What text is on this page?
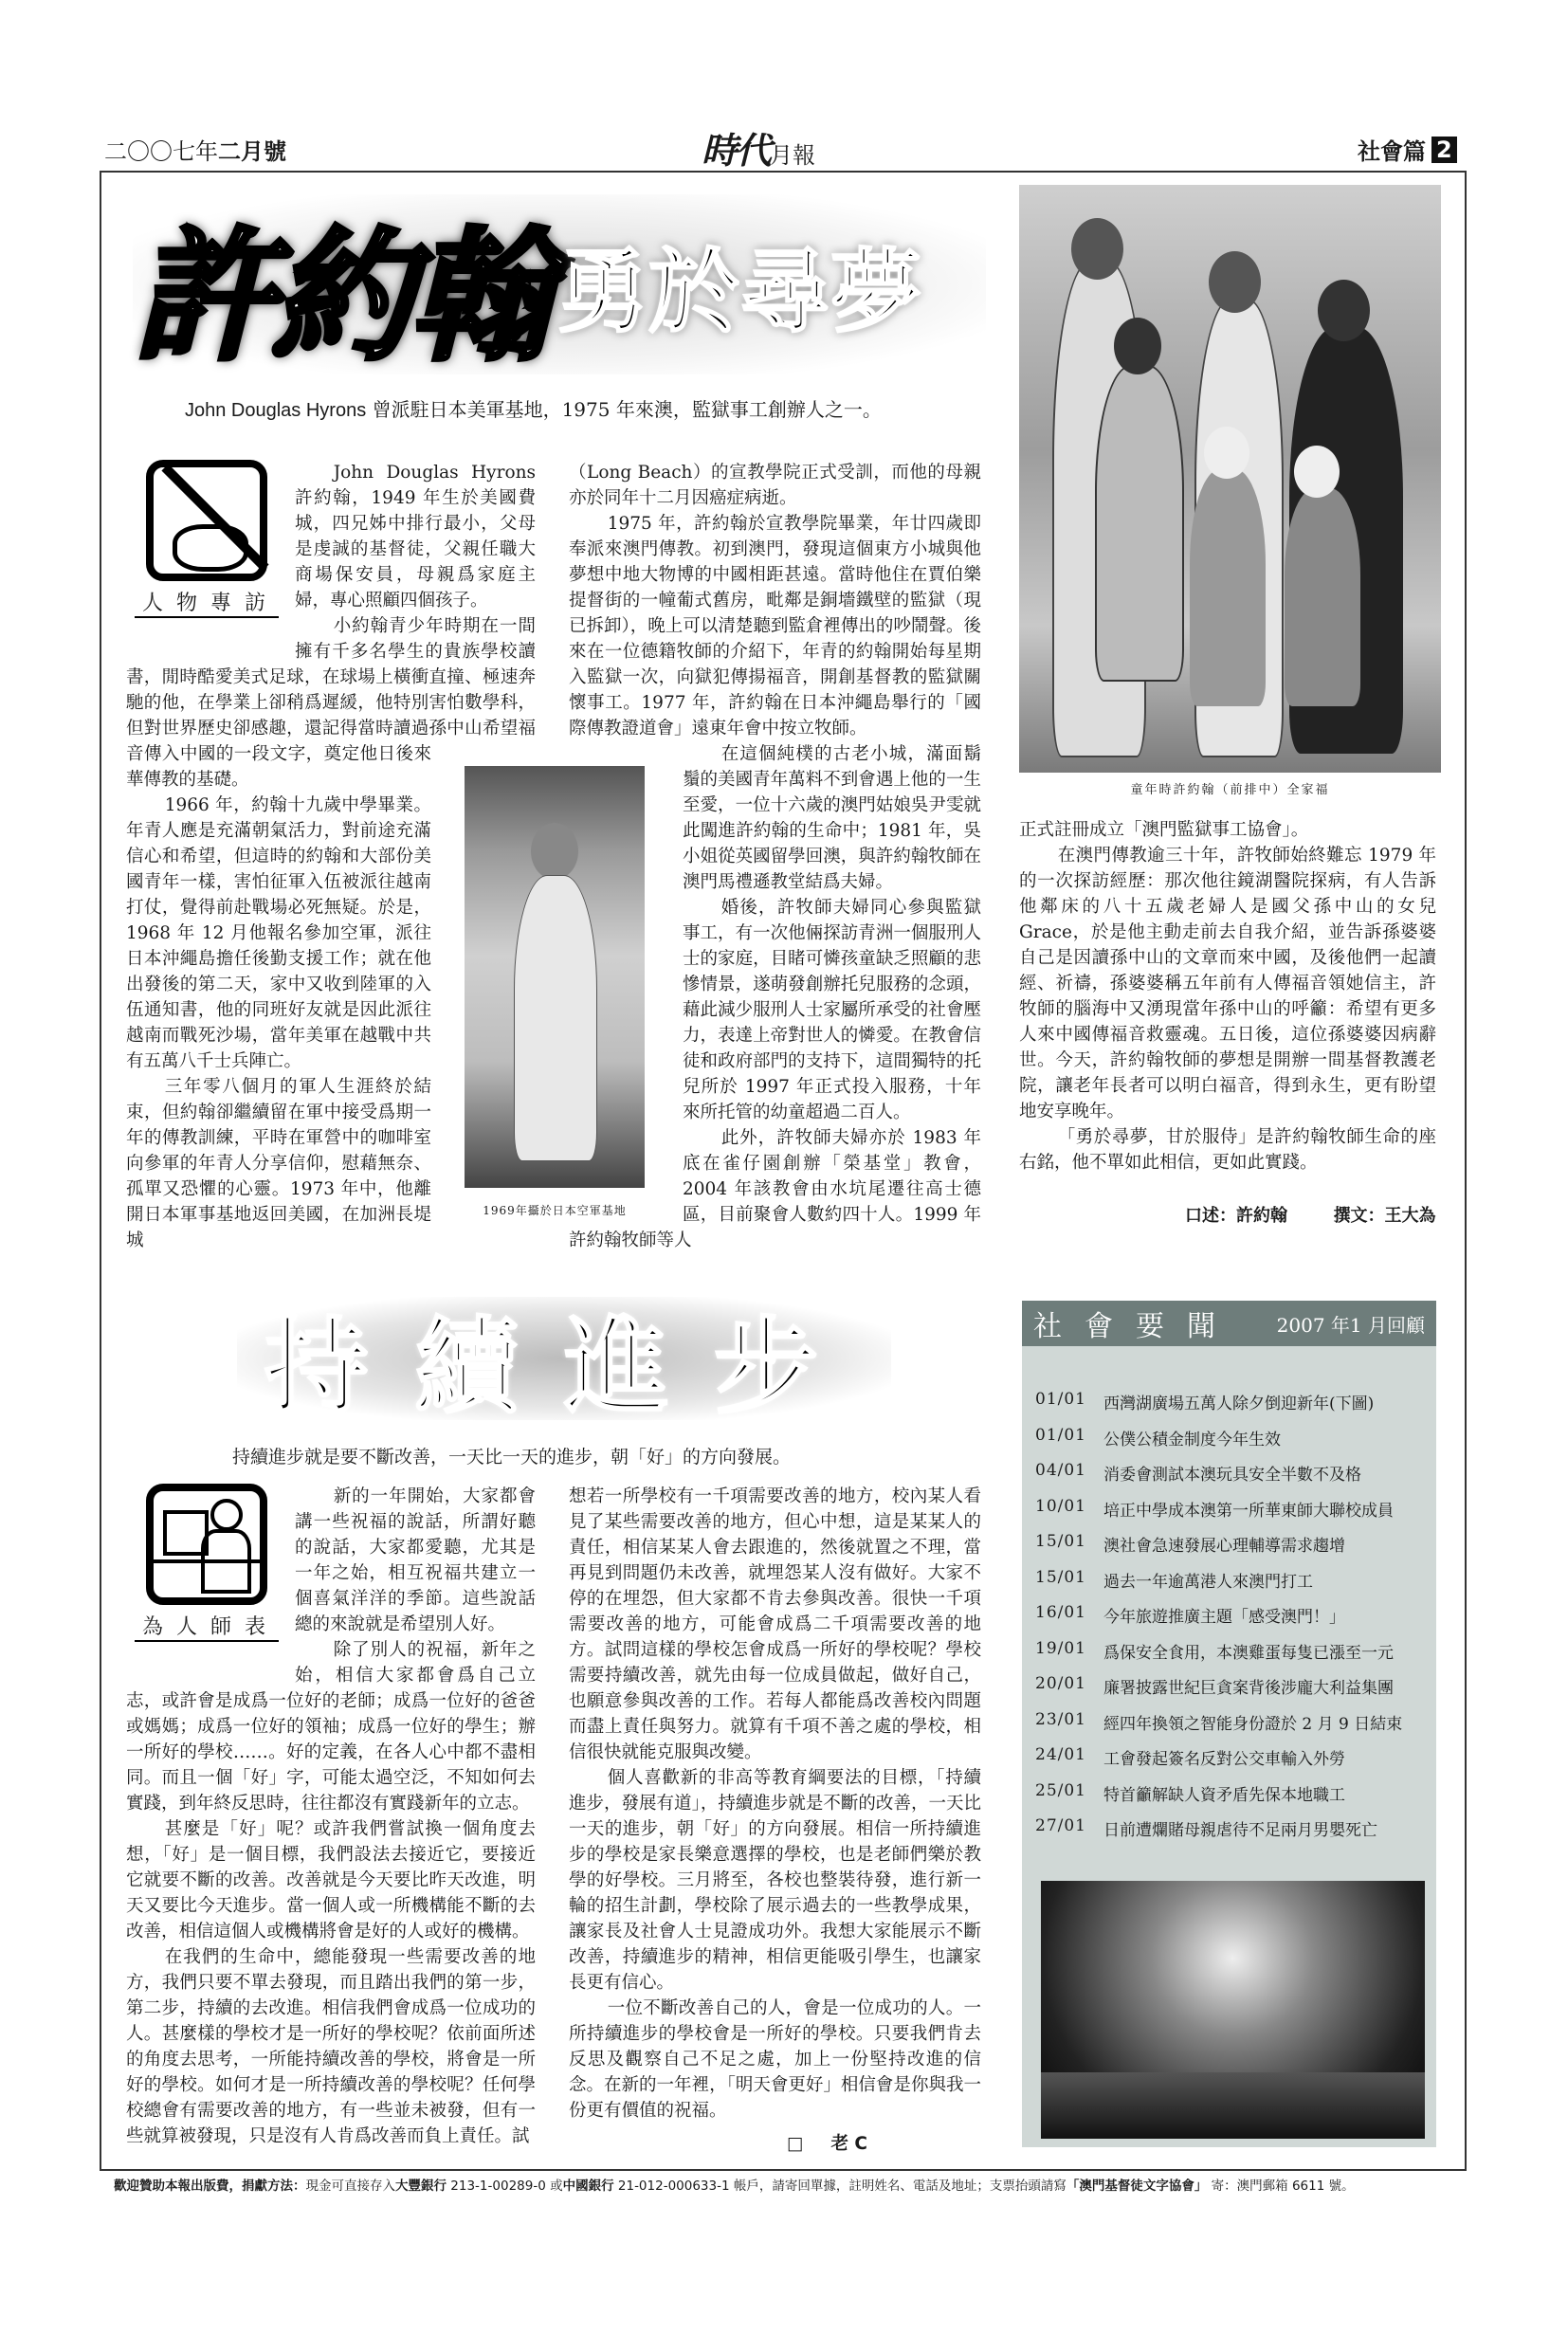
二〇〇七年二月號	時代月報	社會篇 2
許約翰 勇於尋夢
John Douglas Hyrons 曾派駐日本美軍基地，1975 年來澳，監獄事工創辦人之一。
童年時許約翰（前排中）全家福
1969年攝於日本空軍基地
人物專訪

John Douglas Hyrons 許約翰，1949 年生於美國費城，四兄姊中排行最小，父母是虔誠的基督徒，父親任職大商場保安員，母親爲家庭主婦，專心照顧四個孩子。

小約翰青少年時期在一間擁有千多名學生的貴族學校讀書，閒時酷愛美式足球，在球場上橫衝直撞、極速奔馳的他，在學業上卻稍爲遲緩，他特別害怕數學科，但對世界歷史卻感趣，還記得當時讀過孫中山希望福音傳入中國的一段文字，奠定他日後來華傳教的基礎。

1966 年，約翰十九歲中學畢業。年青人應是充滿朝氣活力，對前途充滿信心和希望，但這時的約翰和大部份美國青年一樣，害怕征軍入伍被派往越南打仗，覺得前赴戰場必死無疑。於是，1968 年 12 月他報名參加空軍，派往日本沖繩島擔任後勤支援工作；就在他出發後的第二天，家中又收到陸軍的入伍通知書，他的同班好友就是因此派往越南而戰死沙場，當年美軍在越戰中共有五萬八千士兵陣亡。

三年零八個月的軍人生涯終於結束，但約翰卻繼續留在軍中接受爲期一年的傳教訓練，平時在軍營中的咖啡室向參軍的年青人分享信仰，慰藉無奈、孤單又恐懼的心靈。1973 年中，他離開日本軍事基地返回美國，在加洲長堤城

（Long Beach）的宣教學院正式受訓，而他的母親亦於同年十二月因癌症病逝。

1975 年，許約翰於宣教學院畢業，年廿四歲即奉派來澳門傳教。初到澳門，發現這個東方小城與他夢想中地大物博的中國相距甚遠。當時他住在賈伯樂提督街的一幢葡式舊房，毗鄰是銅墻鐵壁的監獄（現已拆卸），晚上可以清楚聽到監倉裡傳出的吵鬧聲。後來在一位德籍牧師的介紹下，年青的約翰開始每星期入監獄一次，向獄犯傳揚福音，開創基督教的監獄關懷事工。1977 年，許約翰在日本沖繩島舉行的「國際傳教證道會」遠東年會中按立牧師。

在這個純樸的古老小城，滿面鬍鬚的美國青年萬料不到會遇上他的一生至愛，一位十六歲的澳門姑娘吳尹雯就此闖進許約翰的生命中；1981 年，吳小姐從英國留學回澳，與許約翰牧師在澳門馬禮遜教堂結爲夫婦。

婚後，許牧師夫婦同心參與監獄事工，有一次他倆探訪青洲一個服刑人士的家庭，目睹可憐孩童缺乏照顧的悲慘情景，遂萌發創辦托兒服務的念頭，藉此減少服刑人士家屬所承受的社會壓力，表達上帝對世人的憐愛。在教會信徒和政府部門的支持下，這間獨特的托兒所於 1997 年正式投入服務，十年來所托管的幼童超過二百人。

此外，許牧師夫婦亦於 1983 年底在雀仔園創辦「榮基堂」教會，2004 年該教會由水坑尾遷往高士德區，目前聚會人數約四十人。1999 年許約翰牧師等人

正式註冊成立「澳門監獄事工協會」。

在澳門傳教逾三十年，許牧師始終難忘 1979 年的一次探訪經歷：那次他往鏡湖醫院探病，有人告訴他鄰床的八十五歲老婦人是國父孫中山的女兒 Grace，於是他主動走前去自我介紹，並告訴孫婆婆自己是因讀孫中山的文章而來中國，及後他們一起讀經、祈禱，孫婆婆稱五年前有人傳福音領她信主，許牧師的腦海中又湧現當年孫中山的呼籲：希望有更多人來中國傳福音救靈魂。五日後，這位孫婆婆因病辭世。今天，許約翰牧師的夢想是開辦一間基督教護老院，讓老年長者可以明白福音，得到永生，更有盼望地安享晚年。

「勇於尋夢，甘於服侍」是許約翰牧師生命的座右銘，他不單如此相信，更如此實踐。

口述：許約翰	撰文：王大為
持續進步
持續進步就是要不斷改善，一天比一天的進步，朝「好」的方向發展。
為人師表

新的一年開始，大家都會講一些祝福的說話，所謂好聽的說話，大家都愛聽，尤其是一年之始，相互祝福共建立一個喜氣洋洋的季節。這些說話總的來說就是希望別人好。

除了別人的祝福，新年之始，相信大家都會爲自己立志，或許會是成爲一位好的老師；成爲一位好的爸爸或媽媽；成爲一位好的領袖；成爲一位好的學生；辦一所好的學校……。好的定義，在各人心中都不盡相同。而且一個「好」字，可能太過空泛，不知如何去實踐，到年終反思時，往往都沒有實踐新年的立志。

甚麼是「好」呢？或許我們嘗試換一個角度去想，「好」是一個目標，我們設法去接近它，要接近它就要不斷的改善。改善就是今天要比昨天改進，明天又要比今天進步。當一個人或一所機構能不斷的去改善，相信這個人或機構將會是好的人或好的機構。

在我們的生命中，總能發現一些需要改善的地方，我們只要不單去發現，而且踏出我們的第一步，第二步，持續的去改進。相信我們會成爲一位成功的人。甚麼樣的學校才是一所好的學校呢？依前面所述的角度去思考，一所能持續改善的學校，將會是一所好的學校。如何才是一所持續改善的學校呢？任何學校總會有需要改善的地方，有一些並未被發，但有一些就算被發現，只是沒有人肯爲改善而負上責任。試

想若一所學校有一千項需要改善的地方，校內某人看見了某些需要改善的地方，但心中想，這是某某人的責任，相信某某人會去跟進的，然後就置之不理，當再見到問題仍未改善，就埋怨某人沒有做好。大家不停的在埋怨，但大家都不肯去參與改善。很快一千項需要改善的地方，可能會成爲二千項需要改善的地方。試問這樣的學校怎會成爲一所好的學校呢？學校需要持續改善，就先由每一位成員做起，做好自己，也願意參與改善的工作。若每人都能爲改善校內問題而盡上責任與努力。就算有千項不善之處的學校，相信很快就能克服與改變。

個人喜歡新的非高等教育綱要法的目標，「持續進步，發展有道」，持續進步就是不斷的改善，一天比一天的進步，朝「好」的方向發展。相信一所持續進步的學校是家長樂意選擇的學校，也是老師們樂於教學的好學校。三月將至，各校也整裝待發，進行新一輪的招生計劃，學校除了展示過去的一些教學成果，讓家長及社會人士見證成功外。我想大家能展示不斷改善，持續進步的精神，相信更能吸引學生，也讓家長更有信心。

一位不斷改善自己的人，會是一位成功的人。一所持續進步的學校會是一所好的學校。只要我們肯去反思及觀察自己不足之處，加上一份堅持改進的信念。在新的一年裡，「明天會更好」相信會是你與我一份更有價值的祝福。

□ 老 C
社會要聞 2007 年1 月回顧
01/01	西灣湖廣場五萬人除夕倒迎新年(下圖)
01/01	公僕公積金制度今年生效
04/01	消委會測試本澳玩具安全半數不及格
10/01	培正中學成本澳第一所華東師大聯校成員
15/01	澳社會急速發展心理輔導需求趨增
15/01	過去一年逾萬港人來澳門打工
16/01	今年旅遊推廣主題「感受澳門！」
19/01	爲保安全食用，本澳雞蛋每隻已漲至一元
20/01	廉署披露世紀巨貪案背後涉龐大利益集團
23/01	經四年換領之智能身份證於 2 月 9 日結束
24/01	工會發起簽名反對公交車輸入外勞
25/01	特首籲解缺人資矛盾先保本地職工
27/01	日前遭爛賭母親虐待不足兩月男嬰死亡
歡迎贊助本報出版費，捐獻方法：現金可直接存入大豐銀行 213-1-00289-0 或中國銀行 21-012-000633-1 帳戶，請寄回單據，註明姓名、電話及地址；支票抬頭請寫「澳門基督徒文字協會」 寄：澳門郵箱 6611 號。
